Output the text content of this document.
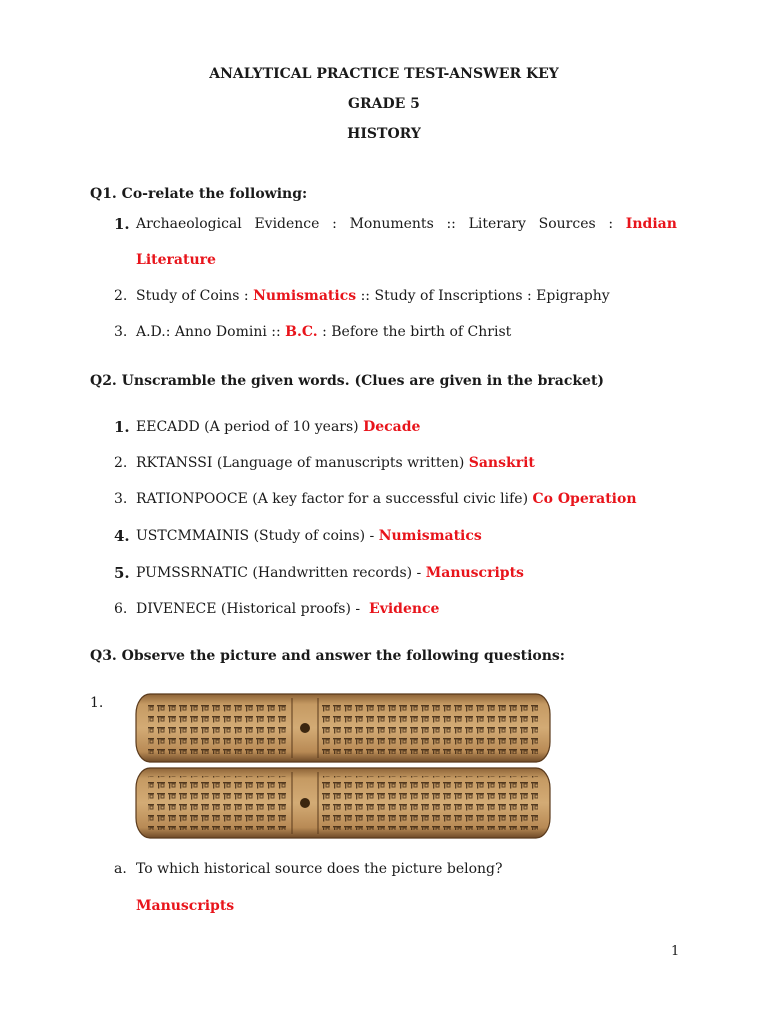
ANALYTICAL PRACTICE TEST-ANSWER KEY
GRADE 5
HISTORY
Q1. Co-relate the following:
1. Archaeological Evidence : Monuments :: Literary Sources : Indian
Literature
2. Study of Coins : Numismatics :: Study of Inscriptions : Epigraphy
3. A.D.: Anno Domini :: B.C. : Before the birth of Christ
Q2. Unscramble the given words. (Clues are given in the bracket)
1. EECADD (A period of 10 years) Decade
2. RKTANSSI (Language of manuscripts written) Sanskrit
3. RATIONPOOCE (A key factor for a successful civic life) Co Operation
4. USTCMMAINIS (Study of coins) - Numismatics
5. PUMSSRNATIC (Handwritten records) - Manuscripts
6. DIVENECE (Historical proofs) -  Evidence
Q3. Observe the picture and answer the following questions:
1.
a. To which historical source does the picture belong?
Manuscripts
1
